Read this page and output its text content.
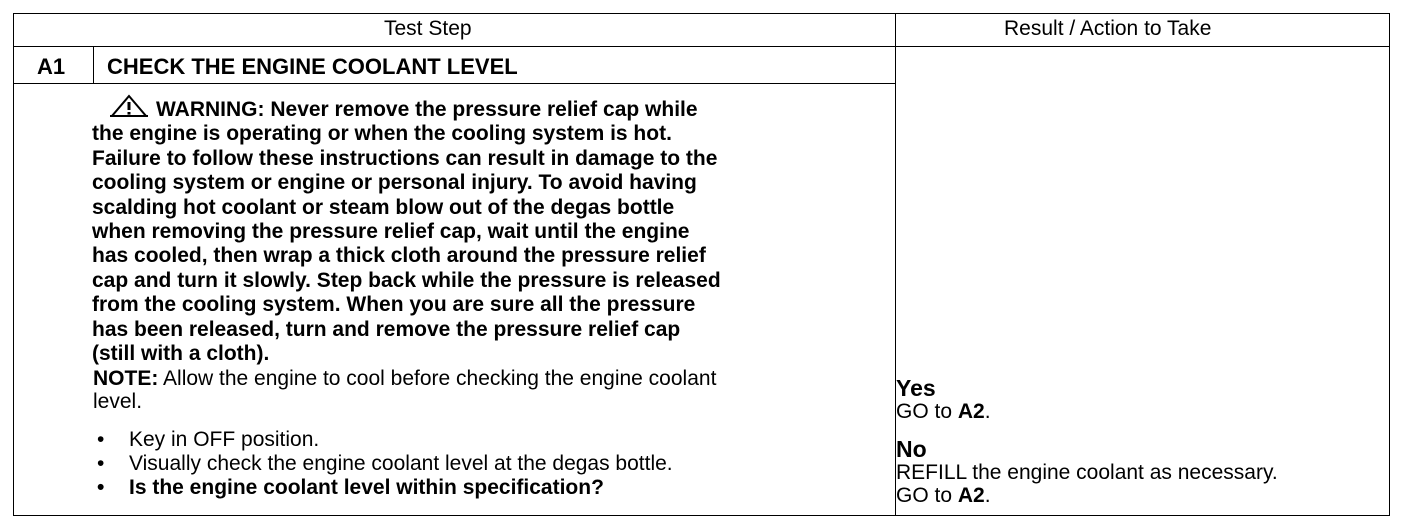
Test Step	Result / Action to Take
A1 CHECK THE ENGINE COOLANT LEVEL
WARNING: Never remove the pressure relief cap while
the engine is operating or when the cooling system is hot.
Failure to follow these instructions can result in damage to the
cooling system or engine or personal injury. To avoid having
scalding hot coolant or steam blow out of the degas bottle
when removing the pressure relief cap, wait until the engine
has cooled, then wrap a thick cloth around the pressure relief
cap and turn it slowly. Step back while the pressure is released
from the cooling system. When you are sure all the pressure
has been released, turn and remove the pressure relief cap
(still with a cloth).
NOTE: Allow the engine to cool before checking the engine coolant
level.
• Key in OFF position.
• Visually check the engine coolant level at the degas bottle.
• Is the engine coolant level within specification?
Yes
GO to A2.
No
REFILL the engine coolant as necessary.
GO to A2.
